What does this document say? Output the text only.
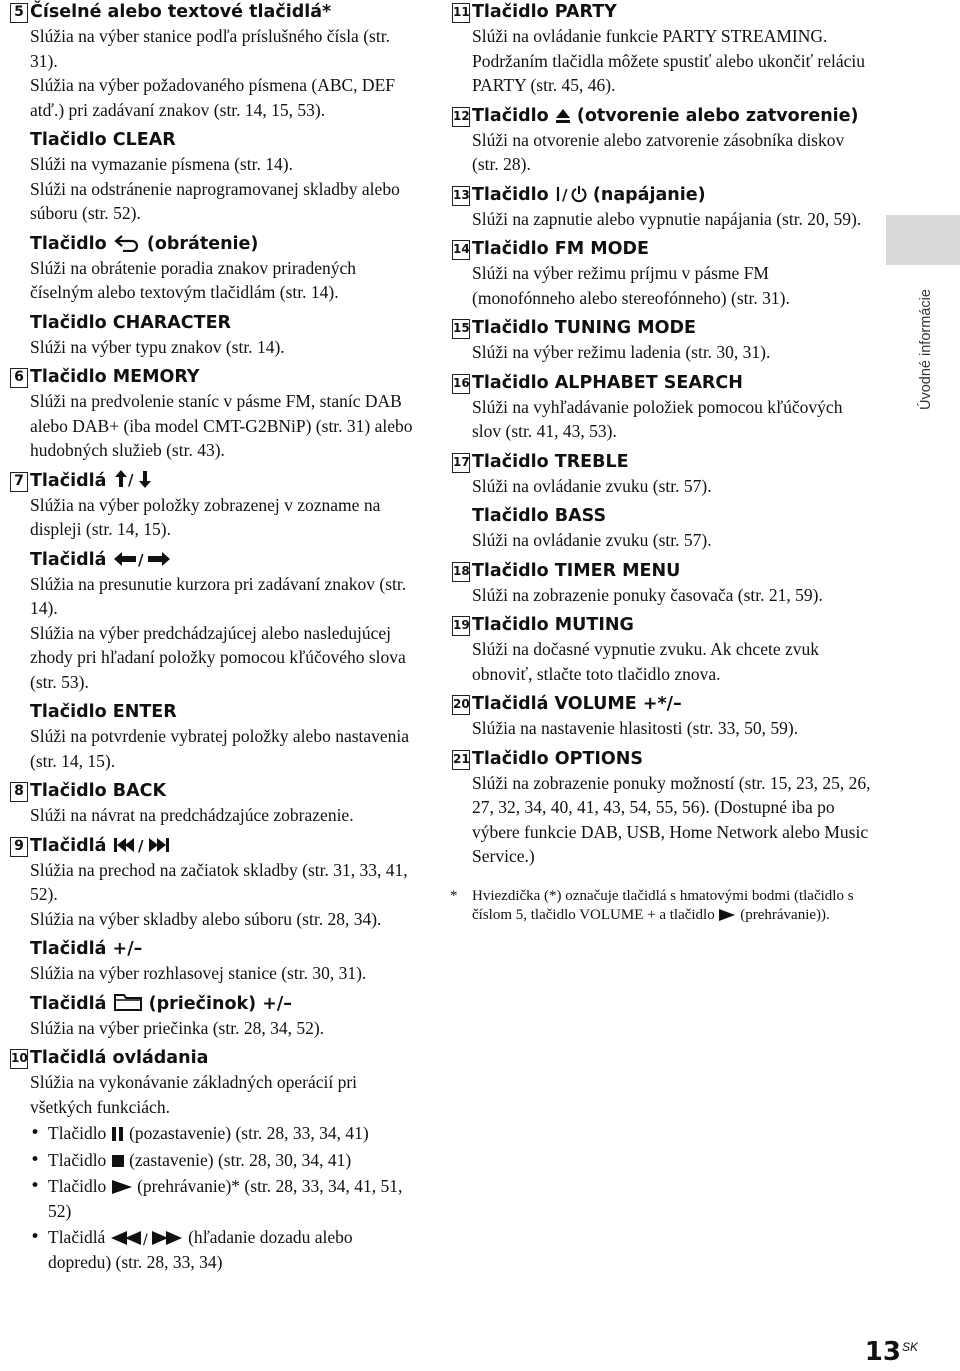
5 Číselné alebo textové tlačidlá*

Slúžia na výber stanice podľa príslušného čísla (str. 31).

Slúžia na výber požadovaného písmena (ABC, DEF atď.) pri zadávaní znakov (str. 14, 15, 53).

Tlačidlo CLEAR

Slúži na vymazanie písmena (str. 14).

Slúži na odstránenie naprogramovanej skladby alebo súboru (str. 52).

Tlačidlo (obrátenie)

Slúži na obrátenie poradia znakov priradených číselným alebo textovým tlačidlám (str. 14).

Tlačidlo CHARACTER

Slúži na výber typu znakov (str. 14).

6 Tlačidlo MEMORY

Slúži na predvolenie staníc v pásme FM, staníc DAB alebo DAB+ (iba model CMT-G2BNiP) (str. 31) alebo hudobných služieb (str. 43).

7 Tlačidlá /

Slúžia na výber položky zobrazenej v zozname na displeji (str. 14, 15).

Tlačidlá /

Slúžia na presunutie kurzora pri zadávaní znakov (str. 14).

Slúžia na výber predchádzajúcej alebo nasledujúcej zhody pri hľadaní položky pomocou kľúčového slova (str. 53).

Tlačidlo ENTER

Slúži na potvrdenie vybratej položky alebo nastavenia (str. 14, 15).

8 Tlačidlo BACK

Slúži na návrat na predchádzajúce zobrazenie.

9 Tlačidlá /

Slúžia na prechod na začiatok skladby (str. 31, 33, 41, 52).

Slúžia na výber skladby alebo súboru (str. 28, 34).

Tlačidlá +/–

Slúžia na výber rozhlasovej stanice (str. 30, 31).

Tlačidlá (priečinok) +/–

Slúžia na výber priečinka (str. 28, 34, 52).

10 Tlačidlá ovládania

Slúžia na vykonávanie základných operácií pri všetkých funkciách.

• Tlačidlo (pozastavenie) (str. 28, 33, 34, 41)
• Tlačidlo (zastavenie) (str. 28, 30, 34, 41)
• Tlačidlo (prehrávanie)* (str. 28, 33, 34, 41, 51, 52)
• Tlačidlá	/ (hľadanie dozadu alebo dopredu) (str. 28, 33, 34)
11 Tlačidlo PARTY

Slúži na ovládanie funkcie PARTY STREAMING. Podržaním tlačidla môžete spustiť alebo ukončiť reláciu PARTY (str. 45, 46).

12 Tlačidlo (otvorenie alebo zatvorenie)

Slúži na otvorenie alebo zatvorenie zásobníka diskov (str. 28).

13 Tlačidlo / (napájanie)

Slúži na zapnutie alebo vypnutie napájania (str. 20, 59).

14 Tlačidlo FM MODE

Slúži na výber režimu príjmu v pásme FM (monofónneho alebo stereofónneho) (str. 31).

15 Tlačidlo TUNING MODE

Slúži na výber režimu ladenia (str. 30, 31).

16 Tlačidlo ALPHABET SEARCH

Slúži na vyhľadávanie položiek pomocou kľúčových slov (str. 41, 43, 53).

17 Tlačidlo TREBLE

Slúži na ovládanie zvuku (str. 57).

Tlačidlo BASS

Slúži na ovládanie zvuku (str. 57).

18 Tlačidlo TIMER MENU

Slúži na zobrazenie ponuky časovača (str. 21, 59).

19 Tlačidlo MUTING

Slúži na dočasné vypnutie zvuku. Ak chcete zvuk obnoviť, stlačte toto tlačidlo znova.

20 Tlačidlá VOLUME +*/–

Slúžia na nastavenie hlasitosti (str. 33, 50, 59).

21 Tlačidlo OPTIONS

Slúži na zobrazenie ponuky možností (str. 15, 23, 25, 26, 27, 32, 34, 40, 41, 43, 54, 55, 56). (Dostupné iba po výbere funkcie DAB, USB, Home Network alebo Music Service.)

* Hviezdička (*) označuje tlačidlá s hmatovými bodmi (tlačidlo s číslom 5, tlačidlo VOLUME + a tlačidlo (prehrávanie)).
Úvodné informácie
$13^{SK}$
